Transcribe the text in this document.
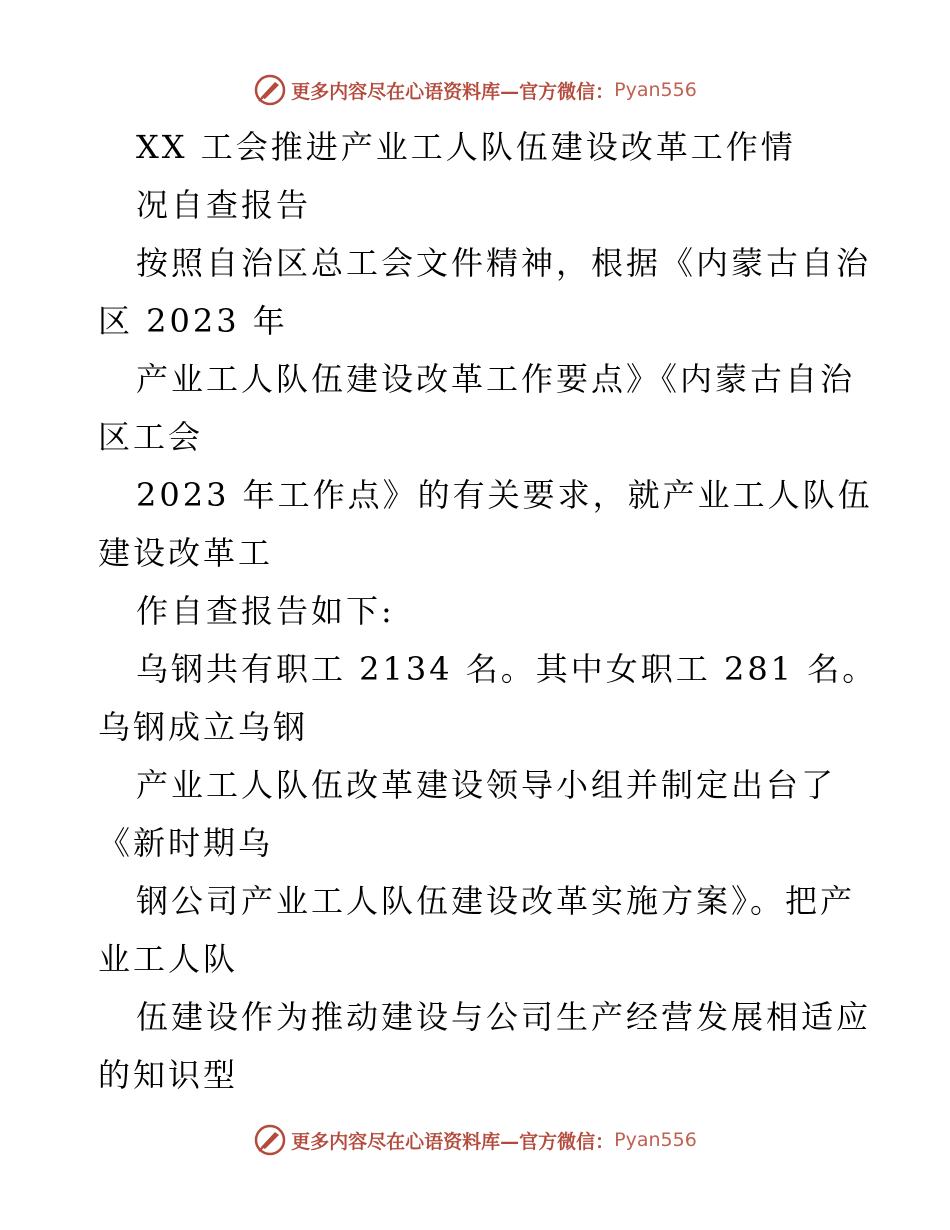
更多内容尽在心语资料库—官方微信： Pyan556
XX 工会推进产业工人队伍建设改革工作情
况自查报告
按照自治区总工会文件精神，根据《内蒙古自治
区 2023 年
产业工人队伍建设改革工作要点》《内蒙古自治
区工会
2023 年工作点》的有关要求，就产业工人队伍
建设改革工
作自查报告如下:
乌钢共有职工 2134 名。其中女职工 281 名。
乌钢成立乌钢
产业工人队伍改革建设领导小组并制定出台了
《新时期乌
钢公司产业工人队伍建设改革实施方案》。把产
业工人队
伍建设作为推动建设与公司生产经营发展相适应
的知识型
更多内容尽在心语资料库—官方微信： Pyan556
